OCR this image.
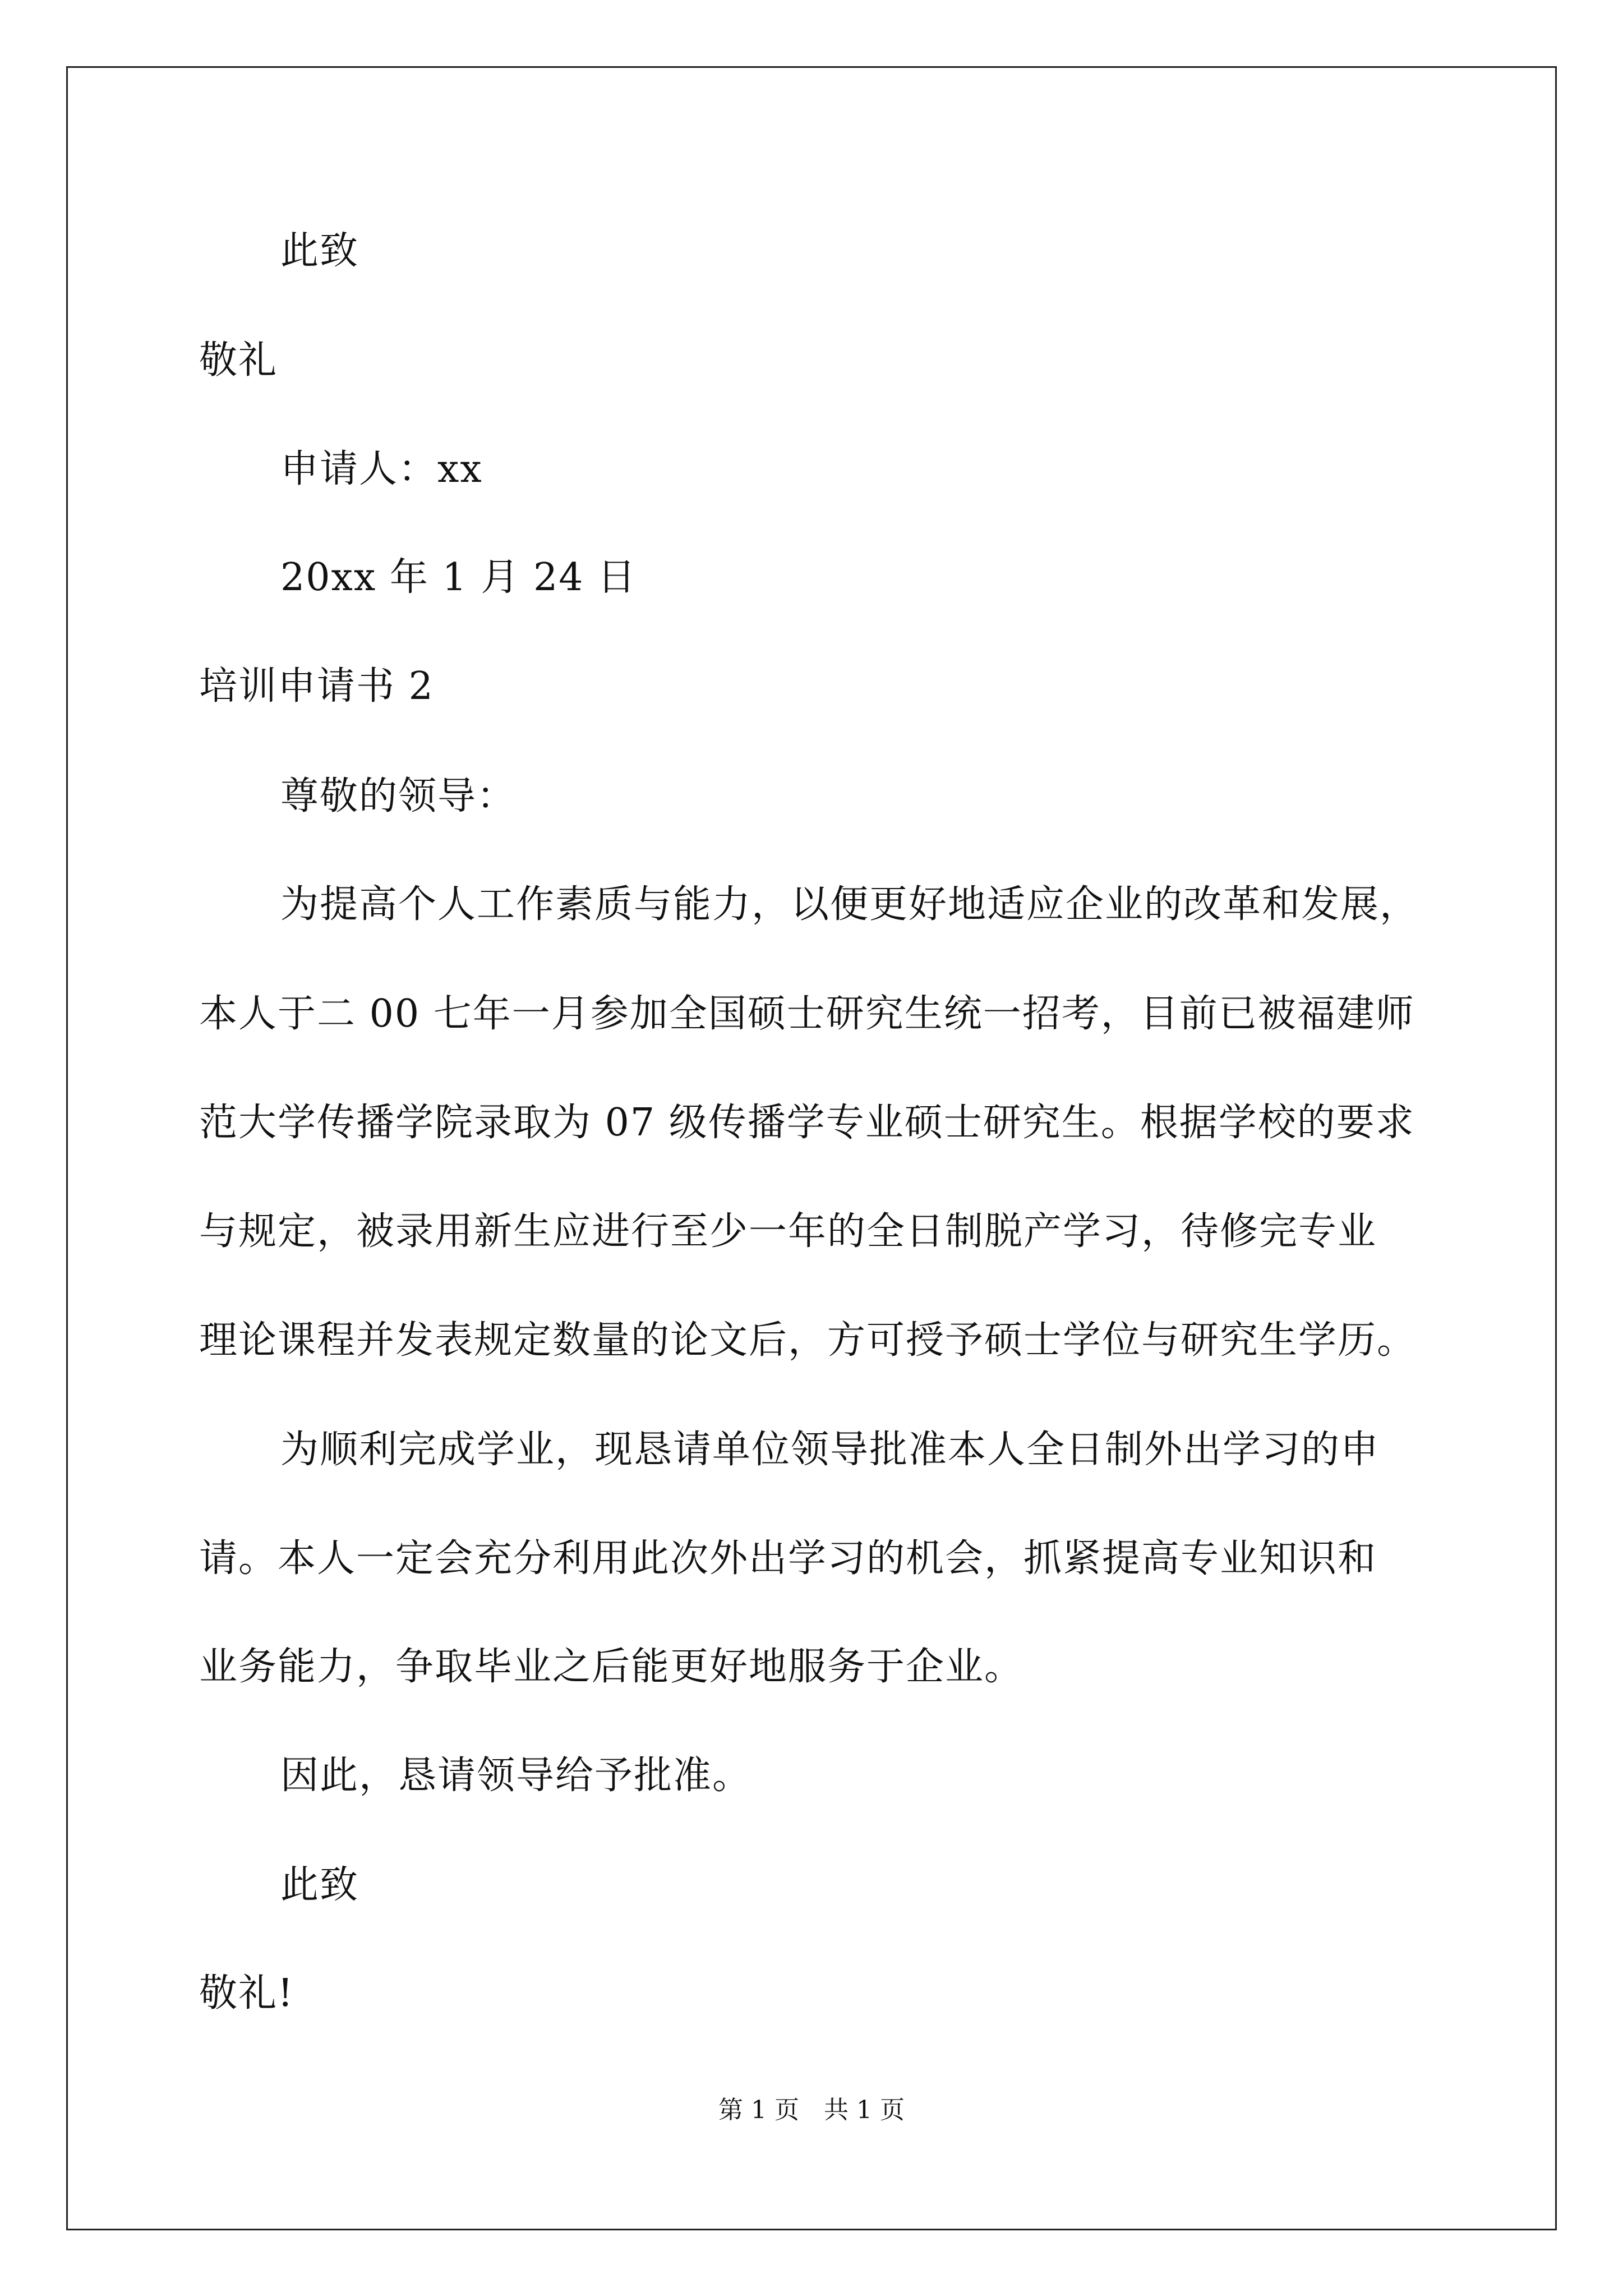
此致
敬礼
申请人：xx
20xx 年 1 月 24 日
培训申请书 2
尊敬的领导：
为提高个人工作素质与能力，以便更好地适应企业的改革和发展，
本人于二 00 七年一月参加全国硕士研究生统一招考，目前已被福建师
范大学传播学院录取为 07 级传播学专业硕士研究生。根据学校的要求
与规定，被录用新生应进行至少一年的全日制脱产学习，待修完专业
理论课程并发表规定数量的论文后，方可授予硕士学位与研究生学历。
为顺利完成学业，现恳请单位领导批准本人全日制外出学习的申
请。本人一定会充分利用此次外出学习的机会，抓紧提高专业知识和
业务能力，争取毕业之后能更好地服务于企业。
因此，恳请领导给予批准。
此致
敬礼!
第 1 页　共 1 页
